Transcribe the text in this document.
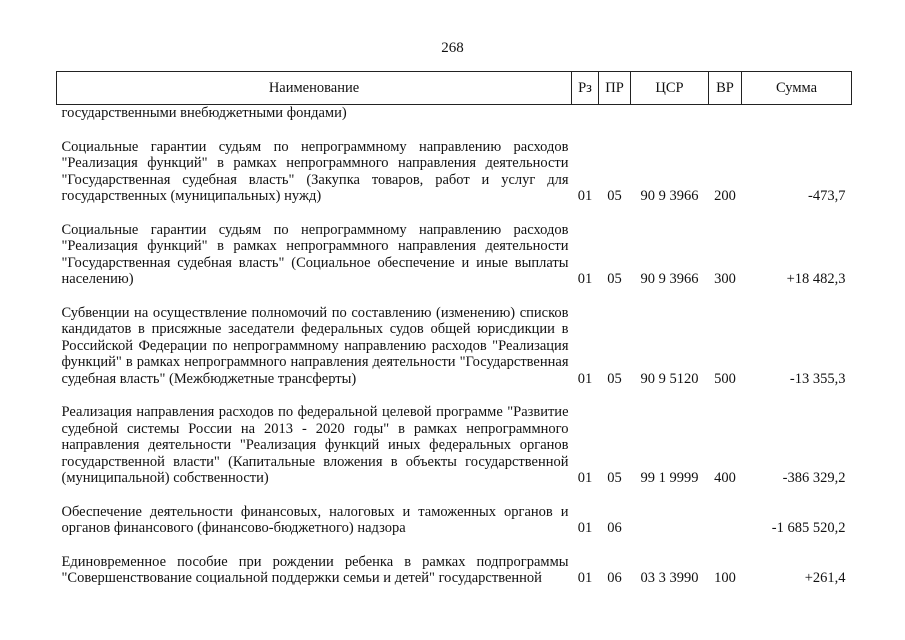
268
Наименование	Рз	ПР	ЦСР	ВР	Сумма
государственными внебюджетными фондами)					

Социальные гарантии судьям по непрограммному направлению расходов "Реализация функций" в рамках непрограммного направления деятельности "Государственная судебная власть" (Закупка товаров, работ и услуг для государственных (муниципальных) нужд)	01	05	90 9 3966	200	-473,7

Социальные гарантии судьям по непрограммному направлению расходов "Реализация функций" в рамках непрограммного направления деятельности "Государственная судебная власть" (Социальное обеспечение и иные выплаты населению)	01	05	90 9 3966	300	+18 482,3

Субвенции на осуществление полномочий по составлению (изменению) списков кандидатов в присяжные заседатели федеральных судов общей юрисдикции в Российской Федерации по непрограммному направлению расходов "Реализация функций" в рамках непрограммного направления деятельности "Государственная судебная власть" (Межбюджетные трансферты)	01	05	90 9 5120	500	-13 355,3

Реализация направления расходов по федеральной целевой программе "Развитие судебной системы России на 2013 - 2020 годы" в рамках непрограммного направления деятельности "Реализация функций иных федеральных органов государственной власти" (Капитальные вложения в объекты государственной (муниципальной) собственности)	01	05	99 1 9999	400	-386 329,2

Обеспечение деятельности финансовых, налоговых и таможенных органов и органов финансового (финансово-бюджетного) надзора	01	06			-1 685 520,2

Единовременное пособие при рождении ребенка в рамках подпрограммы "Совершенствование социальной поддержки семьи и детей" государственной	01	06	03 3 3990	100	+261,4
